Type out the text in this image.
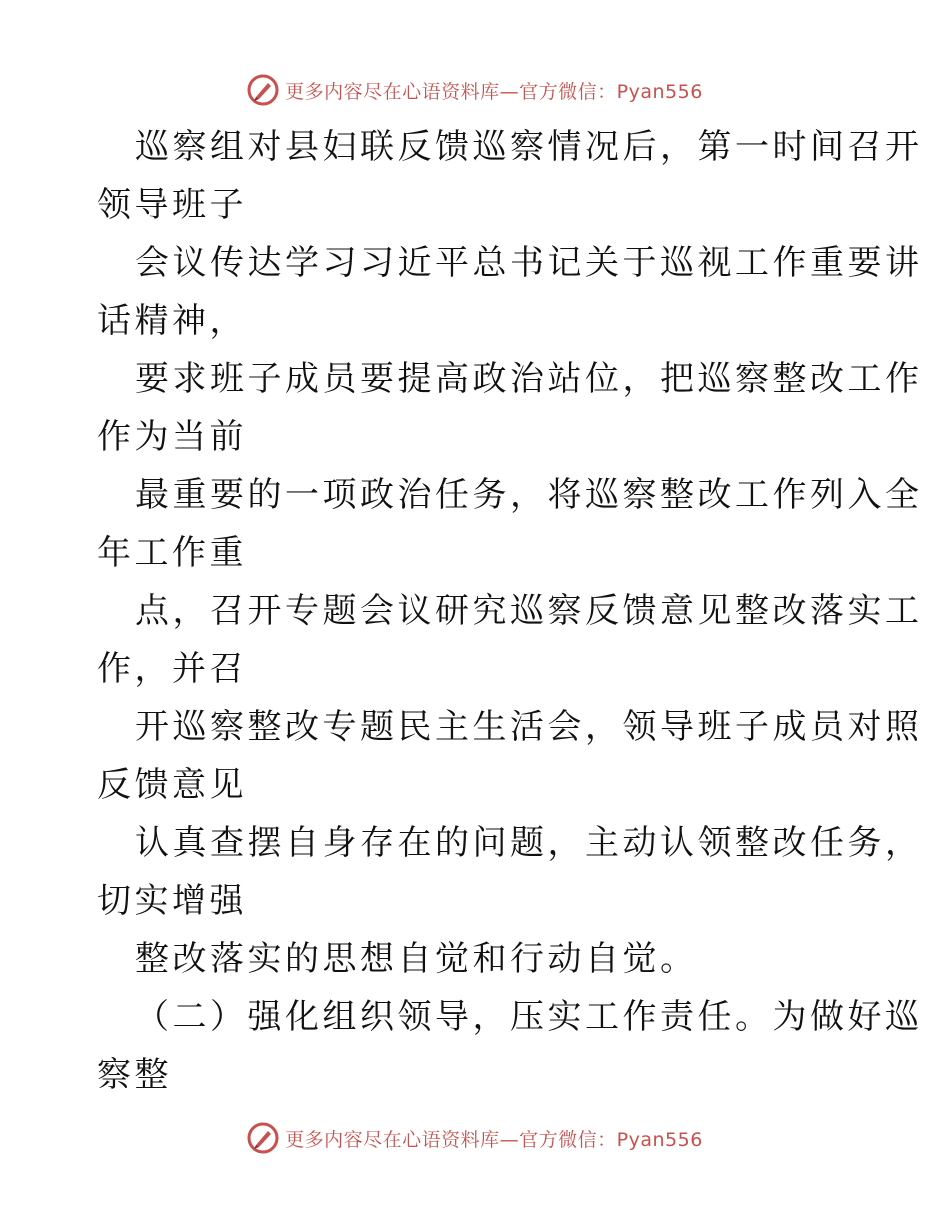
更多内容尽在心语资料库—官方微信：Pyan556
巡察组对县妇联反馈巡察情况后，第一时间召开
领导班子
会议传达学习习近平总书记关于巡视工作重要讲
话精神，
要求班子成员要提高政治站位，把巡察整改工作
作为当前
最重要的一项政治任务，将巡察整改工作列入全
年工作重
点，召开专题会议研究巡察反馈意见整改落实工
作，并召
开巡察整改专题民主生活会，领导班子成员对照
反馈意见
认真查摆自身存在的问题，主动认领整改任务，
切实增强
整改落实的思想自觉和行动自觉。
（二）强化组织领导，压实工作责任。为做好巡
察整
更多内容尽在心语资料库—官方微信：Pyan556
